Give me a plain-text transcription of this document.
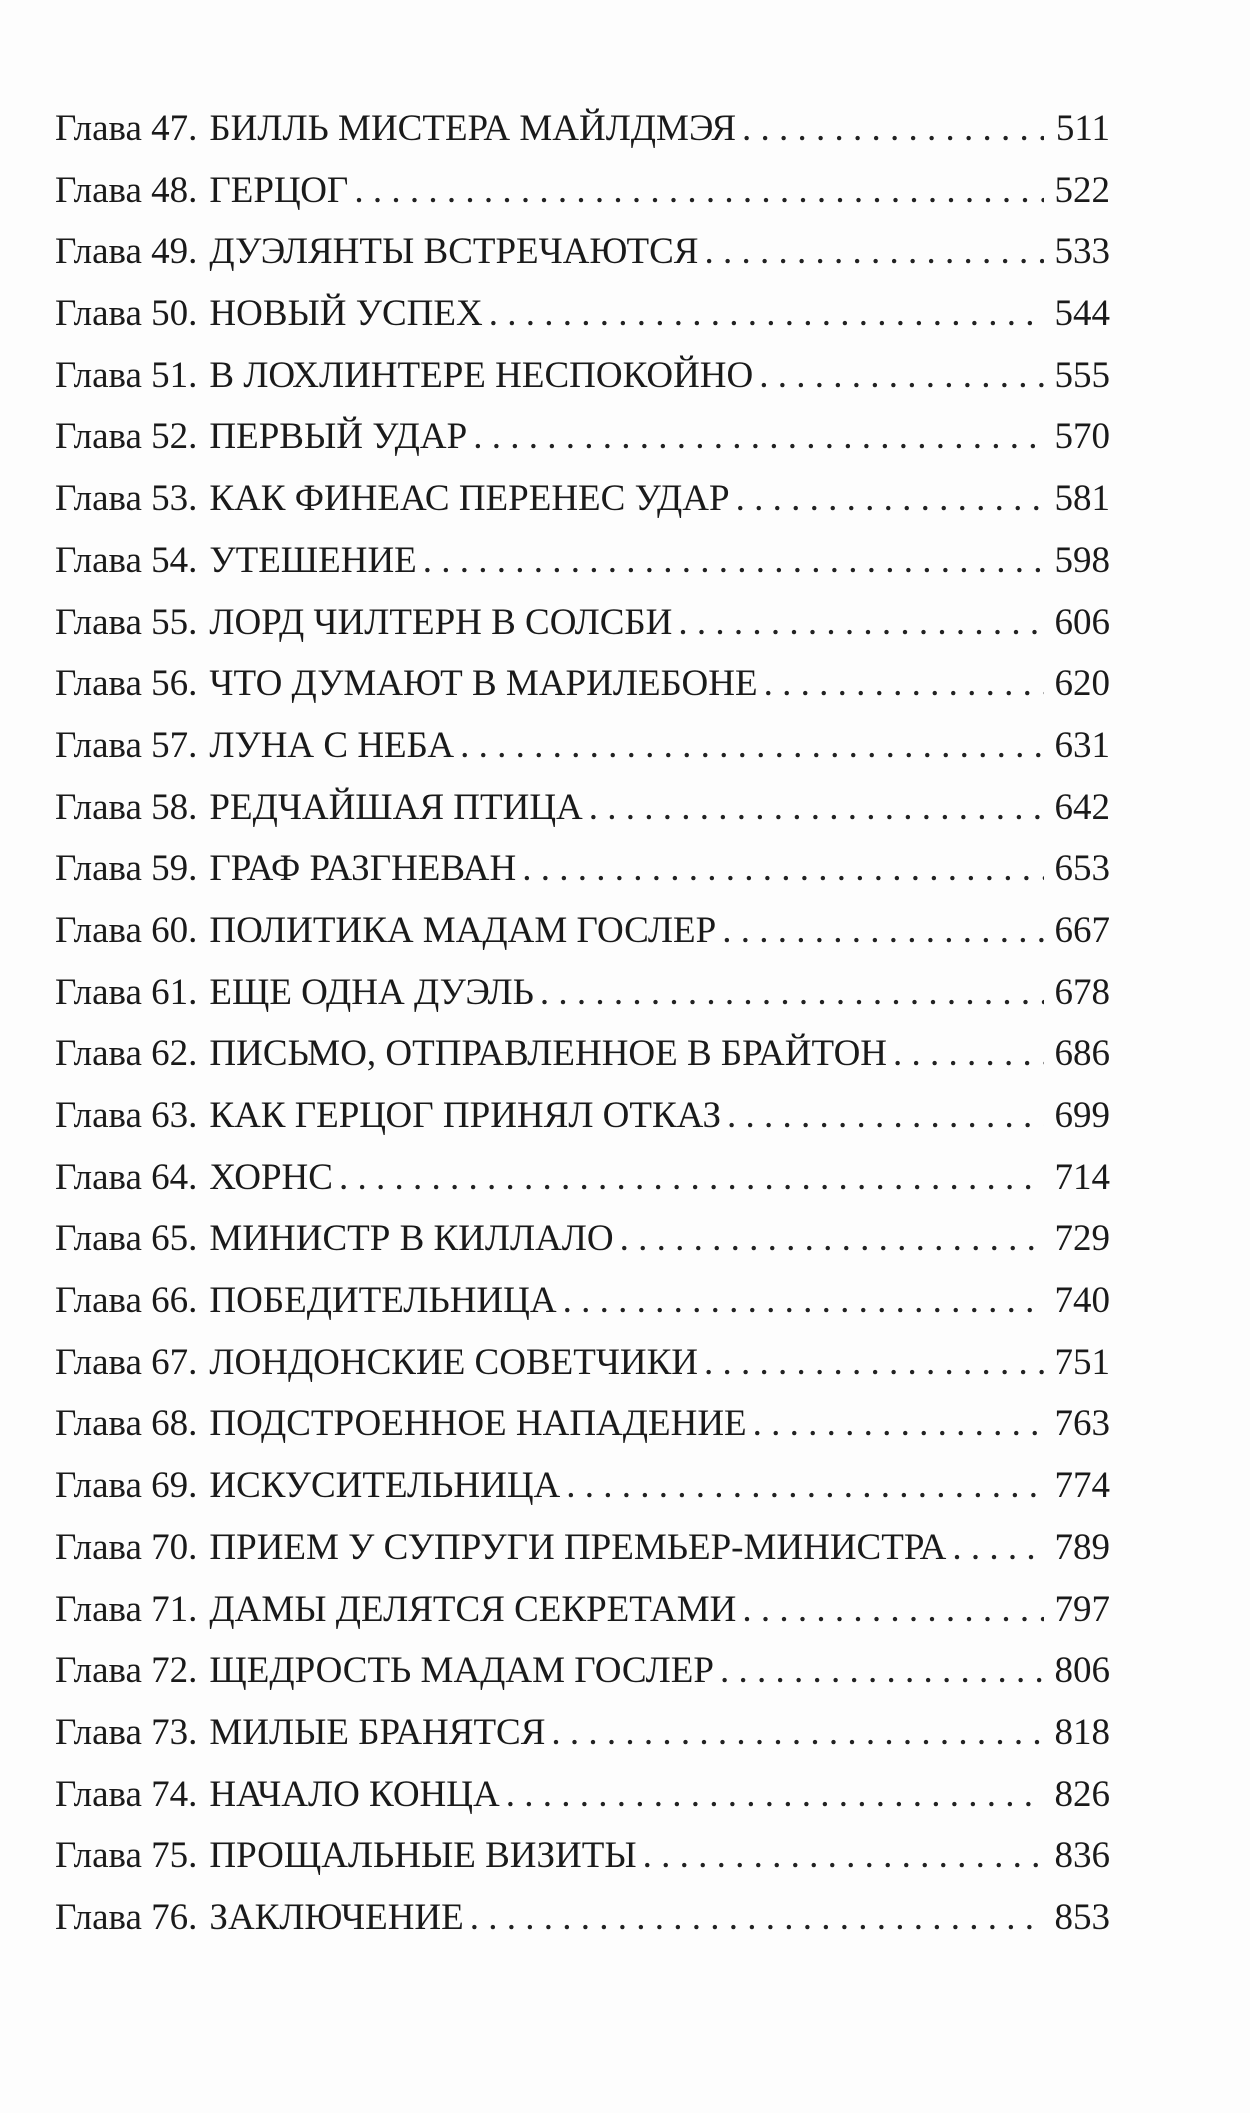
Глава 47. БИЛЛЬ МИСТЕРА МАЙЛДМЭЯ . . .	511
Глава 48. ГЕРЦОГ . . .	522
Глава 49. ДУЭЛЯНТЫ ВСТРЕЧАЮТСЯ . . .	533
Глава 50. НОВЫЙ УСПЕХ . . .	544
Глава 51. В ЛОХЛИНТЕРЕ НЕСПОКОЙНО . . .	555
Глава 52. ПЕРВЫЙ УДАР . . .	570
Глава 53. КАК ФИНЕАС ПЕРЕНЕС УДАР . . .	581
Глава 54. УТЕШЕНИЕ . . .	598
Глава 55. ЛОРД ЧИЛТЕРН В СОЛСБИ . . .	606
Глава 56. ЧТО ДУМАЮТ В МАРИЛЕБОНЕ . . .	620
Глава 57. ЛУНА С НЕБА . . .	631
Глава 58. РЕДЧАЙШАЯ ПТИЦА . . .	642
Глава 59. ГРАФ РАЗГНЕВАН . . .	653
Глава 60. ПОЛИТИКА МАДАМ ГОСЛЕР . . .	667
Глава 61. ЕЩЕ ОДНА ДУЭЛЬ . . .	678
Глава 62. ПИСЬМО, ОТПРАВЛЕННОЕ В БРАЙТОН . . .	686
Глава 63. КАК ГЕРЦОГ ПРИНЯЛ ОТКАЗ . . .	699
Глава 64. ХОРНС . . .	714
Глава 65. МИНИСТР В КИЛЛАЛО . . .	729
Глава 66. ПОБЕДИТЕЛЬНИЦА . . .	740
Глава 67. ЛОНДОНСКИЕ СОВЕТЧИКИ . . .	751
Глава 68. ПОДСТРОЕННОЕ НАПАДЕНИЕ . . .	763
Глава 69. ИСКУСИТЕЛЬНИЦА . . .	774
Глава 70. ПРИЕМ У СУПРУГИ ПРЕМЬЕР-МИНИСТРА . . .	789
Глава 71. ДАМЫ ДЕЛЯТСЯ СЕКРЕТАМИ . . .	797
Глава 72. ЩЕДРОСТЬ МАДАМ ГОСЛЕР . . .	806
Глава 73. МИЛЫЕ БРАНЯТСЯ . . .	818
Глава 74. НАЧАЛО КОНЦА . . .	826
Глава 75. ПРОЩАЛЬНЫЕ ВИЗИТЫ . . .	836
Глава 76. ЗАКЛЮЧЕНИЕ . . .	853
